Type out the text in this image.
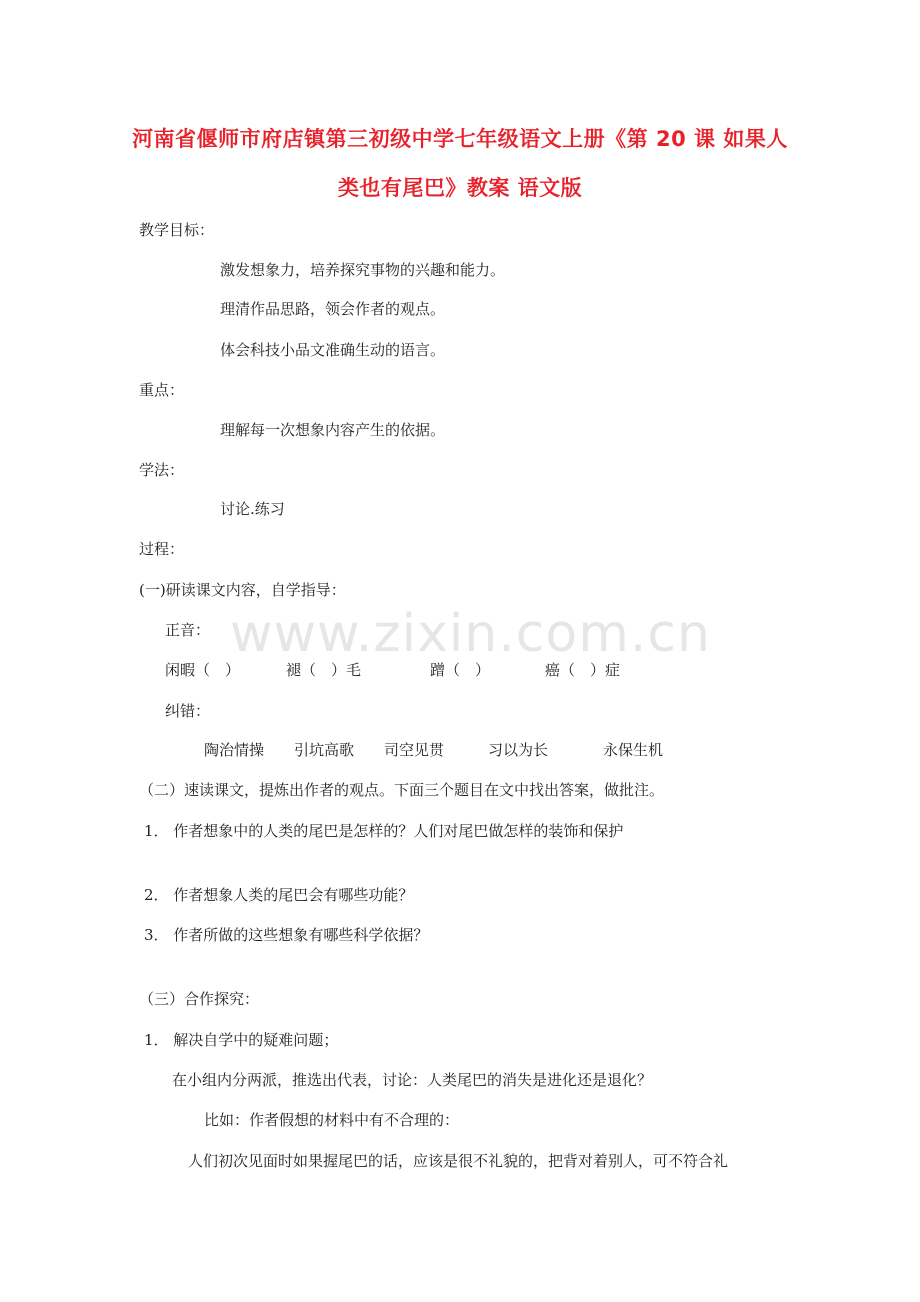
www.zixin.com.cn
河南省偃师市府店镇第三初级中学七年级语文上册《第 20 课 如果人
类也有尾巴》教案 语文版
教学目标：
激发想象力，培养探究事物的兴趣和能力。
理清作品思路，领会作者的观点。
体会科技小品文准确生动的语言。
重点：
理解每一次想象内容产生的依据。
学法：
讨论.练习
过程：
(一)研读课文内容，自学指导：
正音：
闲暇（　）	褪（　）毛	蹭（　）	癌（　）症
纠错：
陶治情操 引坑高歌 司空见贯	习以为长	永保生机
（二）速读课文，提炼出作者的观点。下面三个题目在文中找出答案，做批注。
1． 作者想象中的人类的尾巴是怎样的？人们对尾巴做怎样的装饰和保护
2． 作者想象人类的尾巴会有哪些功能？
3． 作者所做的这些想象有哪些科学依据？
（三）合作探究：
1． 解决自学中的疑难问题；
在小组内分两派，推选出代表，讨论：人类尾巴的消失是进化还是退化？
比如：作者假想的材料中有不合理的：
人们初次见面时如果握尾巴的话，应该是很不礼貌的，把背对着别人，可不符合礼
